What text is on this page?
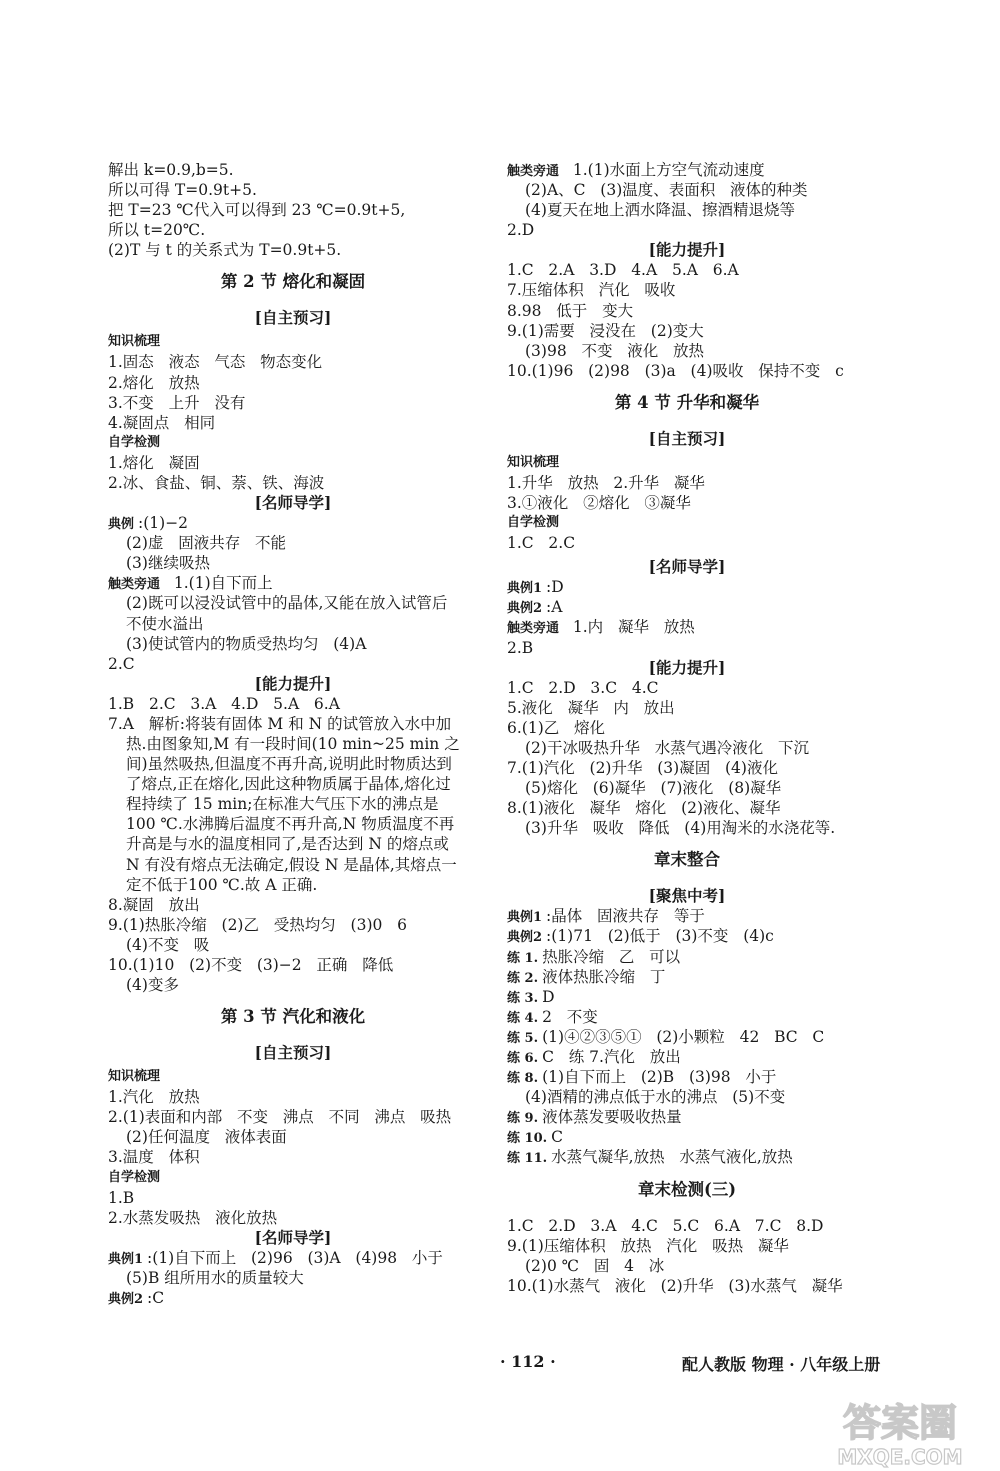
解出 k=0.9,b=5.
所以可得 T=0.9t+5.
把 T=23 ℃代入可以得到 23 ℃=0.9t+5,
所以 t=20℃.
(2)T 与 t 的关系式为 T=0.9t+5.
第 2 节 熔化和凝固
[自主预习]
知识梳理
1.固态   液态   气态   物态变化
2.熔化   放热
3.不变   上升   没有
4.凝固点   相同
自学检测
1.熔化   凝固
2.冰、食盐、铜、萘、铁、海波
[名师导学]
典例 :(1)−2
(2)虚   固液共存   不能
(3)继续吸热
触类旁通  1.(1)自下而上
(2)既可以浸没试管中的晶体,又能在放入试管后
不使水溢出
(3)使试管内的物质受热均匀   (4)A
2.C
[能力提升]
1.B   2.C   3.A   4.D   5.A   6.A
7.A   解析:将装有固体 M 和 N 的试管放入水中加
热.由图象知,M 有一段时间(10 min~25 min 之
间)虽然吸热,但温度不再升高,说明此时物质达到
了熔点,正在熔化,因此这种物质属于晶体,熔化过
程持续了 15 min;在标准大气压下水的沸点是
100 ℃.水沸腾后温度不再升高,N 物质温度不再
升高是与水的温度相同了,是否达到 N 的熔点或
N 有没有熔点无法确定,假设 N 是晶体,其熔点一
定不低于100 ℃.故 A 正确.
8.凝固   放出
9.(1)热胀冷缩   (2)乙   受热均匀   (3)0   6
(4)不变   吸
10.(1)10   (2)不变   (3)−2   正确   降低
(4)变多
第 3 节 汽化和液化
[自主预习]
知识梳理
1.汽化   放热
2.(1)表面和内部   不变   沸点   不同   沸点   吸热
(2)任何温度   液体表面
3.温度   体积
自学检测
1.B
2.水蒸发吸热   液化放热
[名师导学]
典例1 :(1)自下而上   (2)96   (3)A   (4)98   小于
(5)B 组所用水的质量较大
典例2 :C
触类旁通  1.(1)水面上方空气流动速度
(2)A、C   (3)温度、表面积   液体的种类
(4)夏天在地上洒水降温、擦酒精退烧等
2.D
[能力提升]
1.C   2.A   3.D   4.A   5.A   6.A
7.压缩体积   汽化   吸收
8.98   低于   变大
9.(1)需要   浸没在   (2)变大
(3)98   不变   液化   放热
10.(1)96   (2)98   (3)a   (4)吸收   保持不变   c
第 4 节 升华和凝华
[自主预习]
知识梳理
1.升华   放热   2.升华   凝华
3.①液化   ②熔化   ③凝华
自学检测
1.C   2.C
[名师导学]
典例1 :D
典例2 :A
触类旁通  1.内   凝华   放热
2.B
[能力提升]
1.C   2.D   3.C   4.C
5.液化   凝华   内   放出
6.(1)乙   熔化
(2)干冰吸热升华   水蒸气遇冷液化   下沉
7.(1)汽化   (2)升华   (3)凝固   (4)液化
(5)熔化   (6)凝华   (7)液化   (8)凝华
8.(1)液化   凝华   熔化   (2)液化、凝华
(3)升华   吸收   降低   (4)用淘米的水浇花等.
章末整合
[聚焦中考]
典例1 :晶体   固液共存   等于
典例2 :(1)71   (2)低于   (3)不变   (4)c
练 1. 热胀冷缩   乙   可以
练 2. 液体热胀冷缩   丁
练 3. D
练 4. 2   不变
练 5. (1)④②③⑤①   (2)小颗粒   42   BC   C
练 6. C   练 7.汽化   放出
练 8. (1)自下而上   (2)B   (3)98   小于
(4)酒精的沸点低于水的沸点   (5)不变
练 9. 液体蒸发要吸收热量
练 10. C
练 11. 水蒸气凝华,放热   水蒸气液化,放热
章末检测(三)
1.C   2.D   3.A   4.C   5.C   6.A   7.C   8.D
9.(1)压缩体积   放热   汽化   吸热   凝华
(2)0 ℃   固   4   冰
10.(1)水蒸气   液化   (2)升华   (3)水蒸气   凝华
· 112 ·	配人教版 物理 · 八年级上册
答案圈
MXQE.COM
